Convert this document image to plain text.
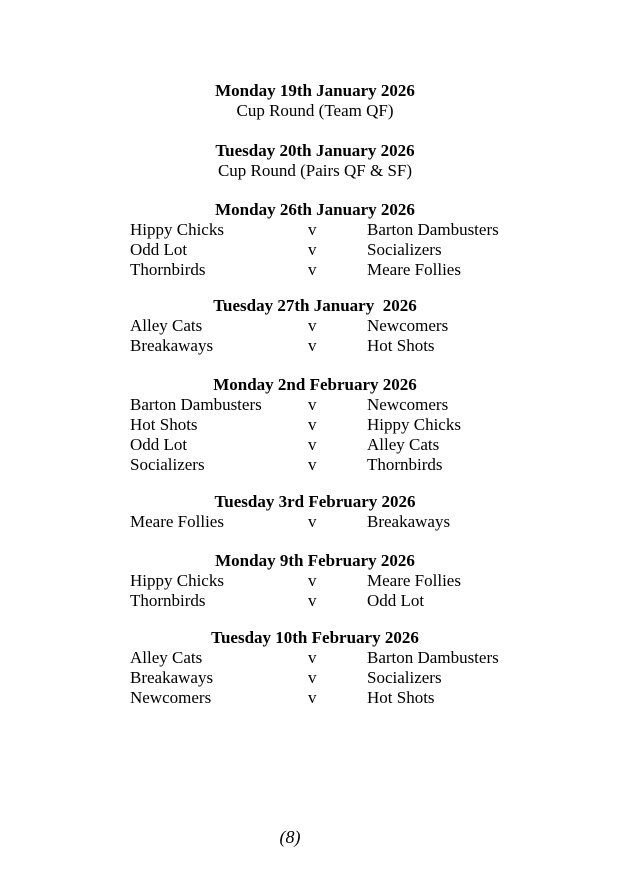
Monday 19th January 2026
Cup Round (Team QF)
Tuesday 20th January 2026
Cup Round (Pairs QF & SF)
Monday 26th January 2026
Hippy Chicks	v	Barton Dambusters
Odd Lot	v	Socializers
Thornbirds	v	Meare Follies
Tuesday 27th January  2026
Alley Cats	v	Newcomers
Breakaways	v	Hot Shots
Monday 2nd February 2026
Barton Dambusters	v	Newcomers
Hot Shots	v	Hippy Chicks
Odd Lot	v	Alley Cats
Socializers	v	Thornbirds
Tuesday 3rd February 2026
Meare Follies	v	Breakaways
Monday 9th February 2026
Hippy Chicks	v	Meare Follies
Thornbirds	v	Odd Lot
Tuesday 10th February 2026
Alley Cats	v	Barton Dambusters
Breakaways	v	Socializers
Newcomers	v	Hot Shots
(8)
